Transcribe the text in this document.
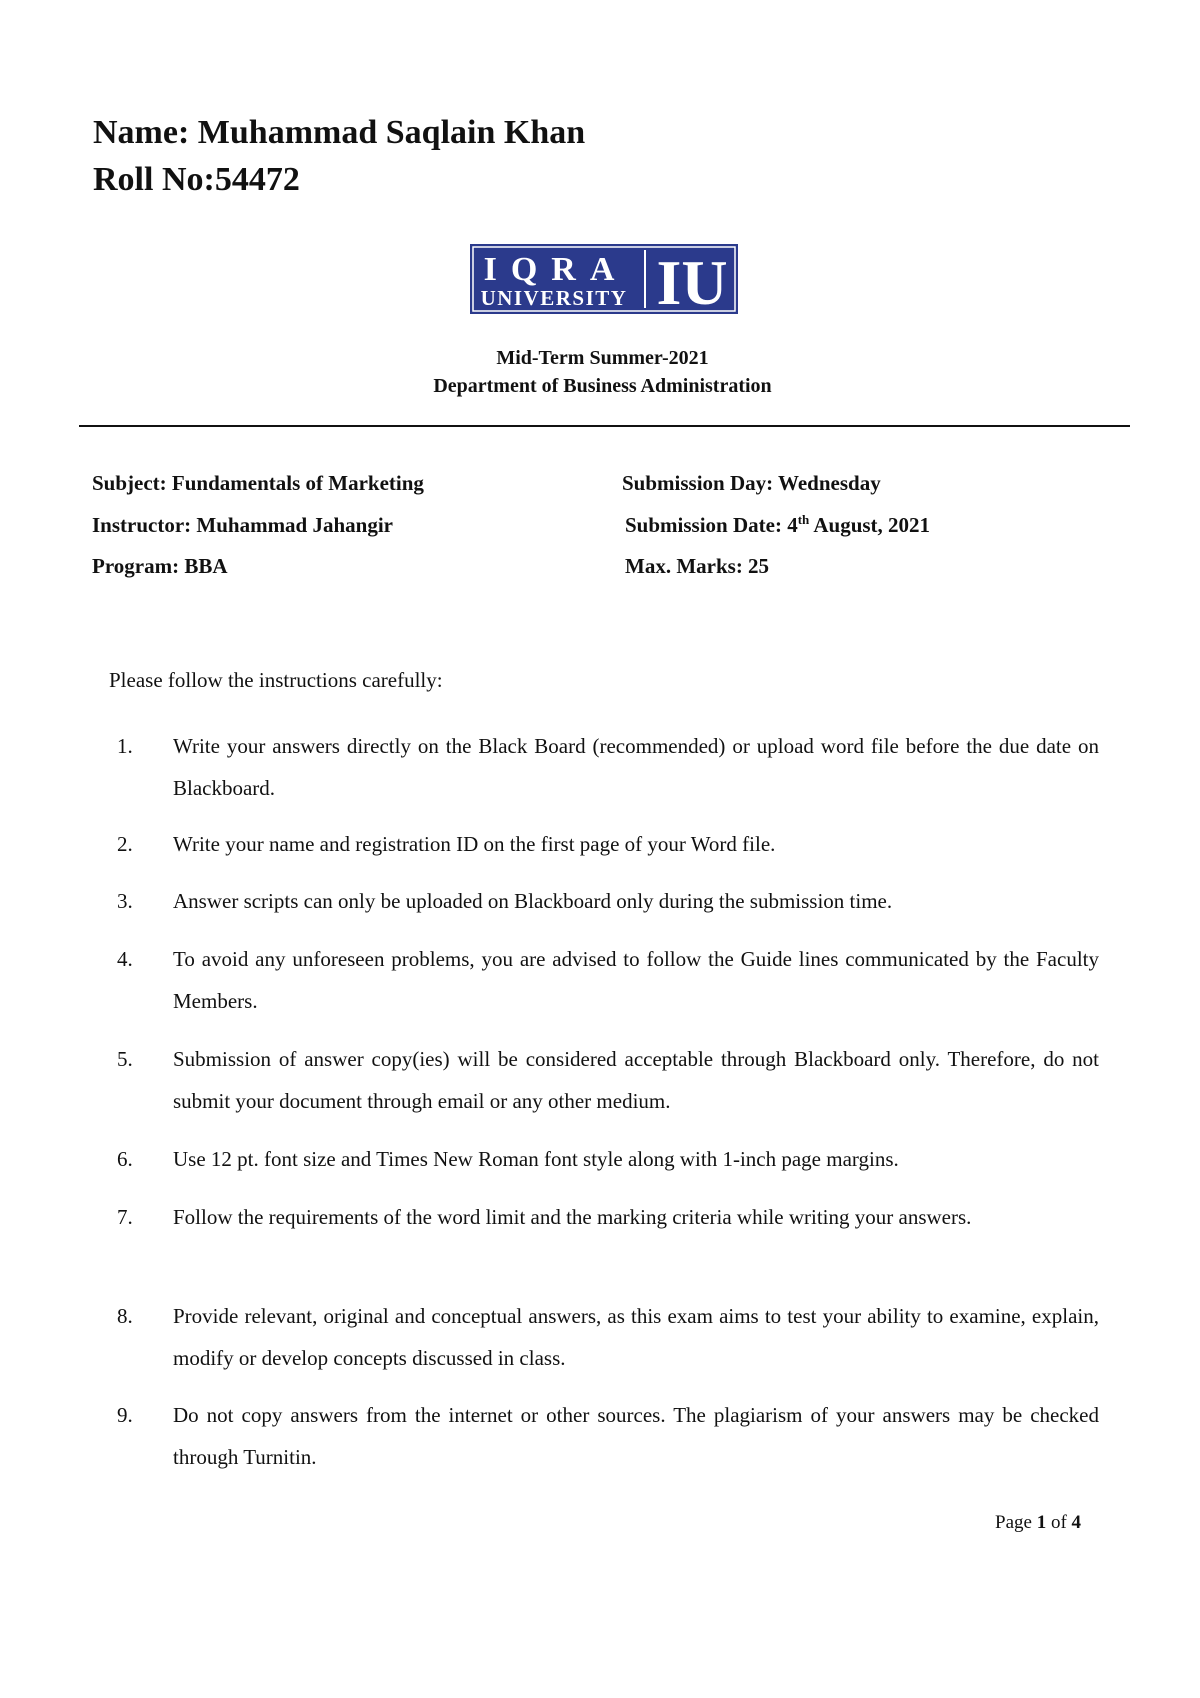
Name: Muhammad Saqlain Khan
Roll No:54472
IQRA
UNIVERSITY IU
Mid-Term Summer-2021
Department of Business Administration
Subject: Fundamentals of Marketing
Instructor: Muhammad Jahangir
Program: BBA
Submission Day: Wednesday
Submission Date: 4th August, 2021
Max. Marks: 25
Please follow the instructions carefully:
1. Write your answers directly on the Black Board (recommended) or upload word file before the due date on Blackboard.
2. Write your name and registration ID on the first page of your Word file.
3. Answer scripts can only be uploaded on Blackboard only during the submission time.
4. To avoid any unforeseen problems, you are advised to follow the Guide lines communicated by the Faculty Members.
5. Submission of answer copy(ies) will be considered acceptable through Blackboard only. Therefore, do not submit your document through email or any other medium.
6. Use 12 pt. font size and Times New Roman font style along with 1-inch page margins.
7. Follow the requirements of the word limit and the marking criteria while writing your answers.
8. Provide relevant, original and conceptual answers, as this exam aims to test your ability to examine, explain, modify or develop concepts discussed in class.
9. Do not copy answers from the internet or other sources. The plagiarism of your answers may be checked through Turnitin.
Page 1 of 4
